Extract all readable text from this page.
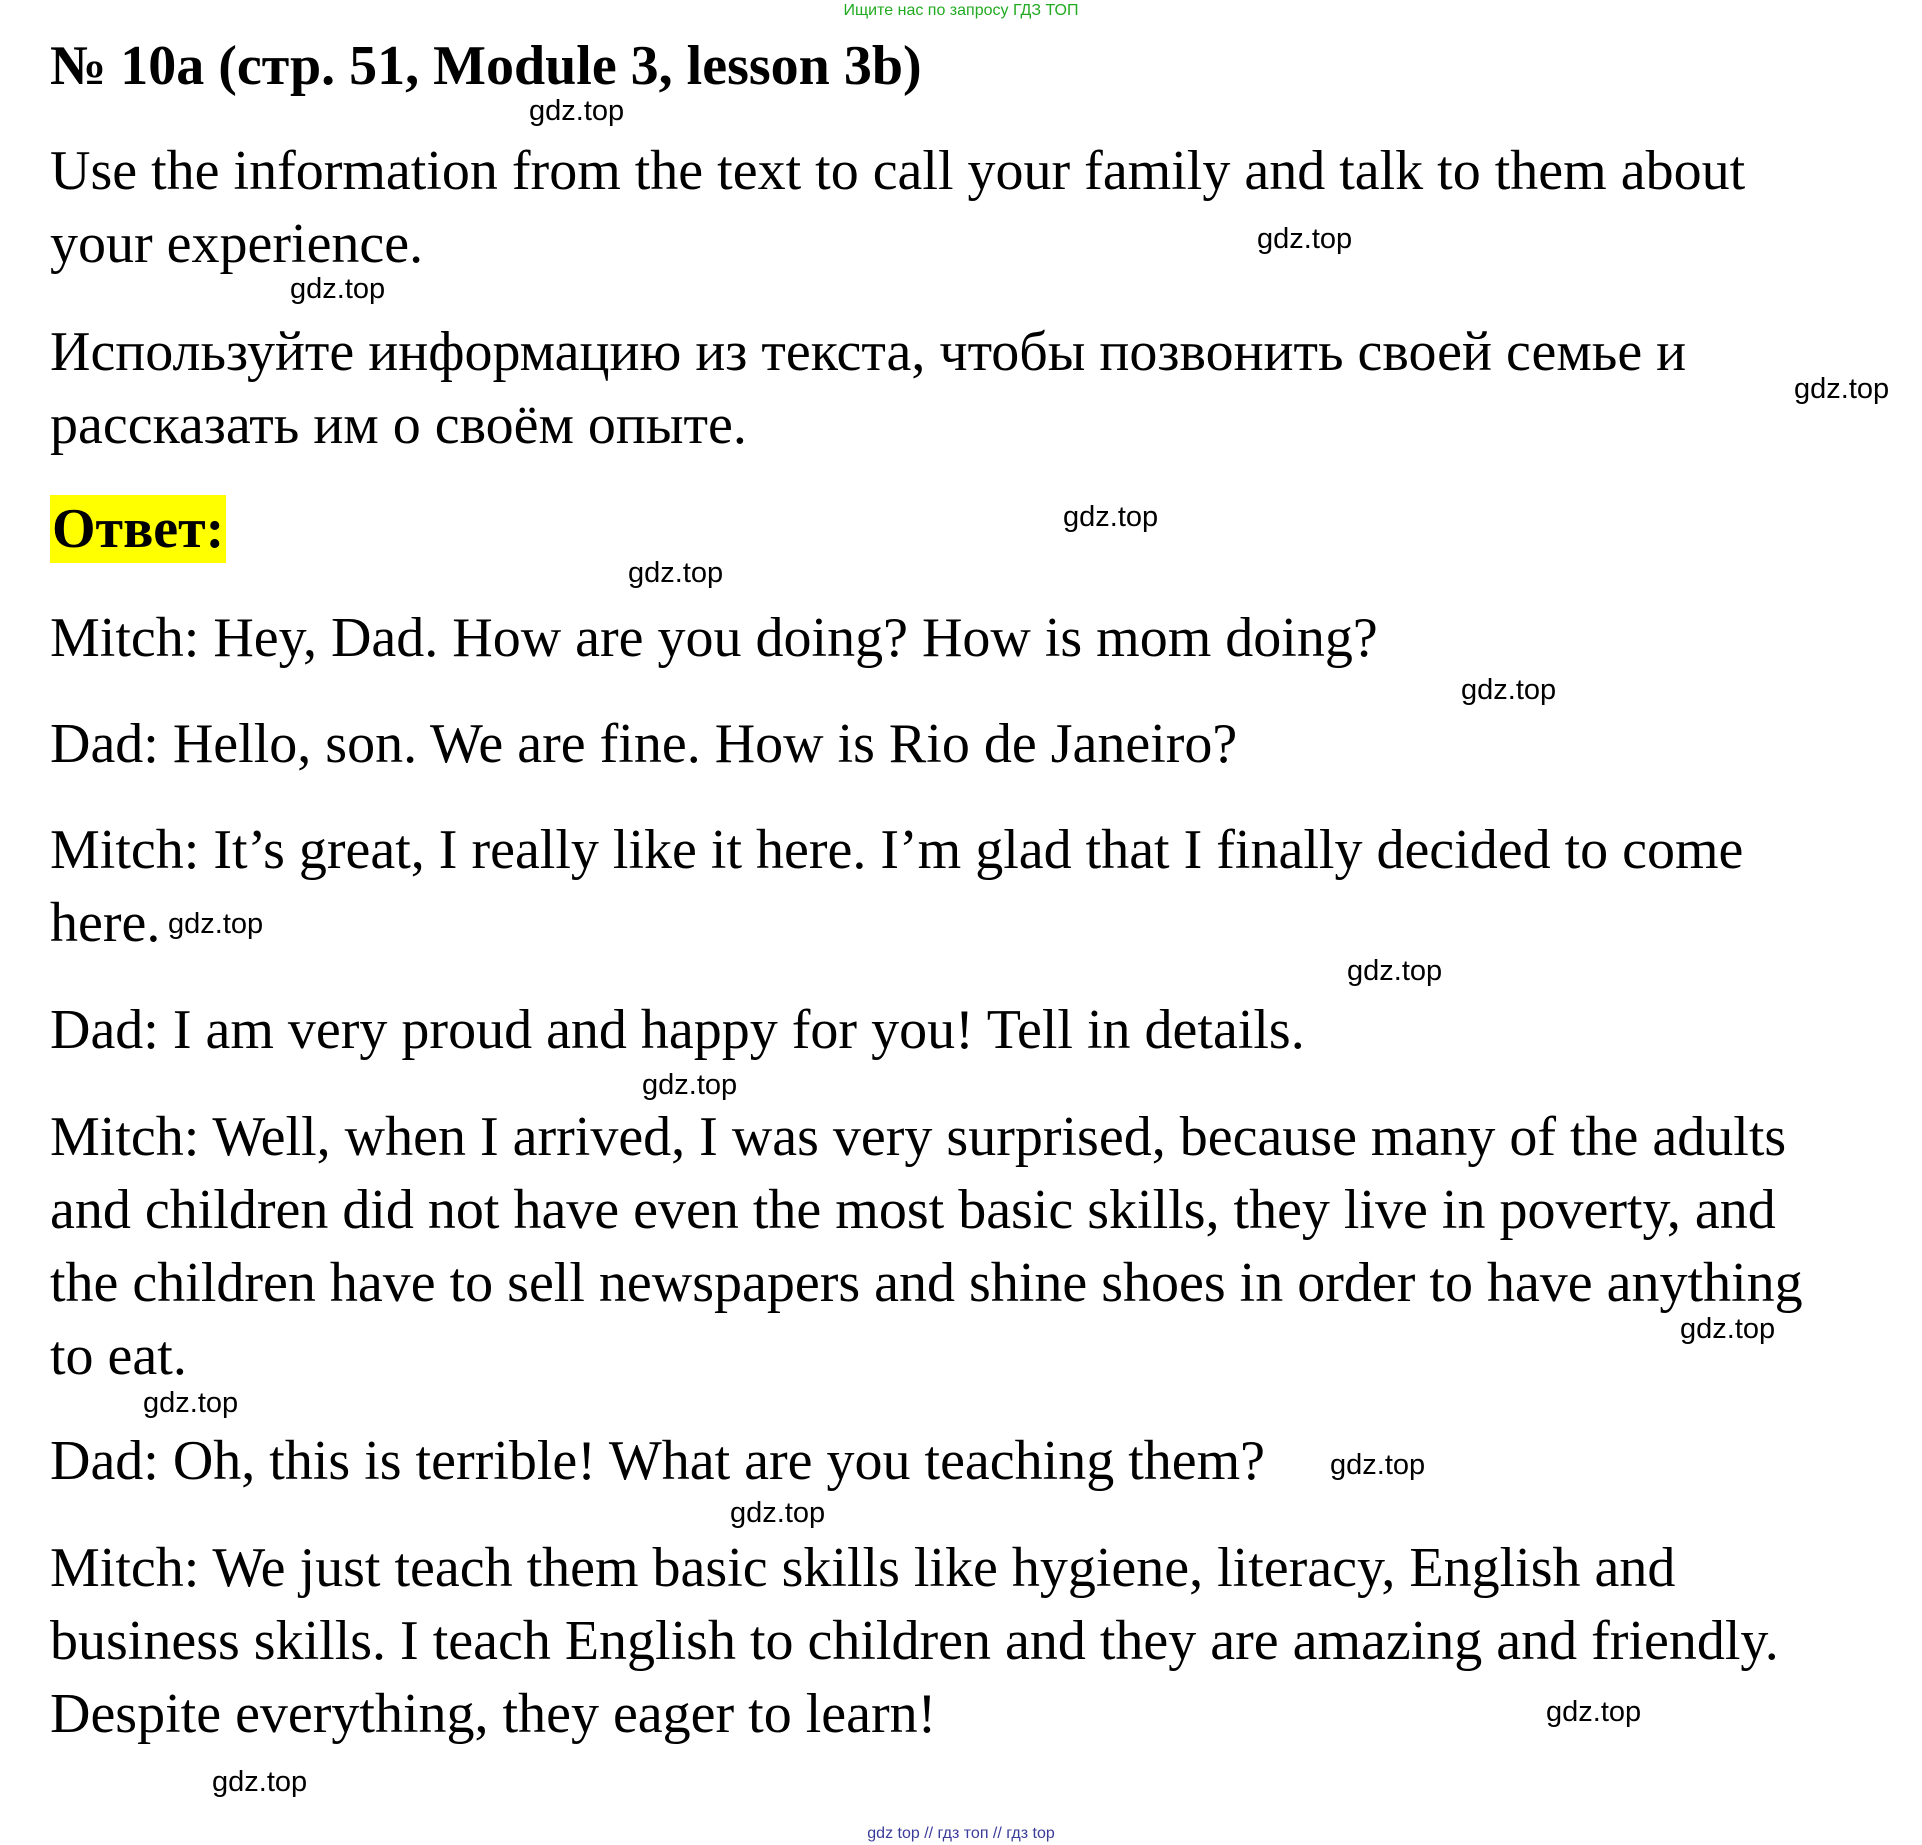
Ищите нас по запросу ГДЗ ТОП
№ 10a (стр. 51, Module 3, lesson 3b)

Use the information from the text to call your family and talk to them about your experience.

Используйте информацию из текста, чтобы позвонить своей семье и рассказать им о своём опыте.

Ответ:

Mitch: Hey, Dad. How are you doing? How is mom doing?

Dad: Hello, son. We are fine. How is Rio de Janeiro?

Mitch: It’s great, I really like it here. I’m glad that I finally decided to come here.

Dad: I am very proud and happy for you! Tell in details.

Mitch: Well, when I arrived, I was very surprised, because many of the adults and children did not have even the most basic skills, they live in poverty, and the children have to sell newspapers and shine shoes in order to have anything to eat.

Dad: Oh, this is terrible! What are you teaching them?

Mitch: We just teach them basic skills like hygiene, literacy, English and business skills. I teach English to children and they are amazing and friendly. Despite everything, they eager to learn!

gdz.top
gdz.top
gdz.top
gdz.top
gdz.top
gdz.top
gdz.top
gdz.top
gdz.top
gdz.top
gdz.top
gdz.top
gdz.top
gdz.top
gdz.top
gdz.top
gdz top // гдз топ // гдз top
